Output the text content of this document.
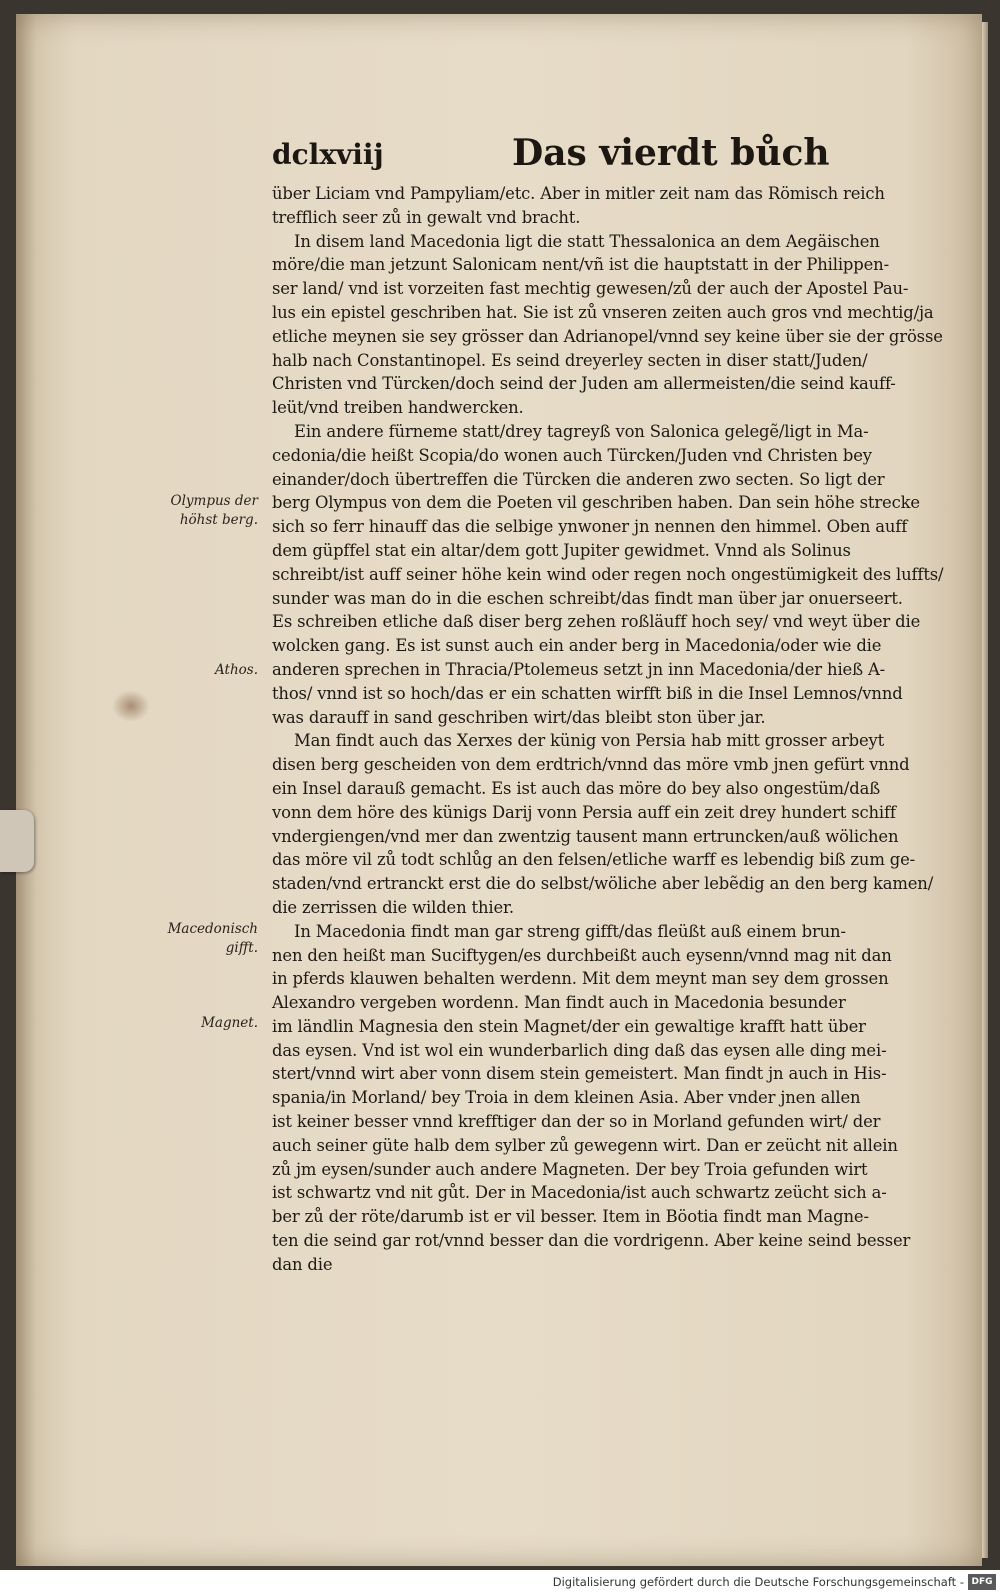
dclxviij	Das vierdt bůch
Olympus der
höhst berg.
Athos.
Macedonisch
gifft.
Magnet.
über Liciam vnd Pampyliam/etc. Aber in mitler zeit nam das Römisch reich
trefflich seer zů in gewalt vnd bracht.
In disem land Macedonia ligt die statt Thessalonica an dem Aegäischen
möre/die man jetzunt Salonicam nent/vñ ist die hauptstatt in der Philippen-
ser land/ vnd ist vorzeiten fast mechtig gewesen/zů der auch der Apostel Pau-
lus ein epistel geschriben hat. Sie ist zů vnseren zeiten auch gros vnd mechtig/ja
etliche meynen sie sey grösser dan Adrianopel/vnnd sey keine über sie der grösse
halb nach Constantinopel. Es seind dreyerley secten in diser statt/Juden/
Christen vnd Türcken/doch seind der Juden am allermeisten/die seind kauff-
leüt/vnd treiben handwercken.
Ein andere fürneme statt/drey tagreyß von Salonica gelegẽ/ligt in Ma-
cedonia/die heißt Scopia/do wonen auch Türcken/Juden vnd Christen bey
einander/doch übertreffen die Türcken die anderen zwo secten. So ligt der
berg Olympus von dem die Poeten vil geschriben haben. Dan sein höhe strecke
sich so ferr hinauff das die selbige ynwoner jn nennen den himmel. Oben auff
dem güpffel stat ein altar/dem gott Jupiter gewidmet. Vnnd als Solinus
schreibt/ist auff seiner höhe kein wind oder regen noch ongestümigkeit des luffts/
sunder was man do in die eschen schreibt/das findt man über jar onuerseert.
Es schreiben etliche daß diser berg zehen roßläuff hoch sey/ vnd weyt über die
wolcken gang. Es ist sunst auch ein ander berg in Macedonia/oder wie die
anderen sprechen in Thracia/Ptolemeus setzt jn inn Macedonia/der hieß A-
thos/ vnnd ist so hoch/das er ein schatten wirfft biß in die Insel Lemnos/vnnd
was darauff in sand geschriben wirt/das bleibt ston über jar.
Man findt auch das Xerxes der künig von Persia hab mitt grosser arbeyt
disen berg gescheiden von dem erdtrich/vnnd das möre vmb jnen gefürt vnnd
ein Insel darauß gemacht. Es ist auch das möre do bey also ongestüm/daß
vonn dem höre des künigs Darij vonn Persia auff ein zeit drey hundert schiff
vndergiengen/vnd mer dan zwentzig tausent mann ertruncken/auß wölichen
das möre vil zů todt schlůg an den felsen/etliche warff es lebendig biß zum ge-
staden/vnd ertranckt erst die do selbst/wöliche aber lebẽdig an den berg kamen/
die zerrissen die wilden thier.
In Macedonia findt man gar streng gifft/das fleüßt auß einem brun-
nen den heißt man Suciftygen/es durchbeißt auch eysenn/vnnd mag nit dan
in pferds klauwen behalten werdenn. Mit dem meynt man sey dem grossen
Alexandro vergeben wordenn. Man findt auch in Macedonia besunder
im ländlin Magnesia den stein Magnet/der ein gewaltige krafft hatt über
das eysen. Vnd ist wol ein wunderbarlich ding daß das eysen alle ding mei-
stert/vnnd wirt aber vonn disem stein gemeistert. Man findt jn auch in His-
spania/in Morland/ bey Troia in dem kleinen Asia. Aber vnder jnen allen
ist keiner besser vnnd krefftiger dan der so in Morland gefunden wirt/ der
auch seiner güte halb dem sylber zů gewegenn wirt. Dan er zeücht nit allein
zů jm eysen/sunder auch andere Magneten. Der bey Troia gefunden wirt
ist schwartz vnd nit gůt. Der in Macedonia/ist auch schwartz zeücht sich a-
ber zů der röte/darumb ist er vil besser. Item in Böotia findt man Magne-
ten die seind gar rot/vnnd besser dan die vordrigenn. Aber keine seind besser
dan die
Digitalisierung gefördert durch die Deutsche Forschungsgemeinschaft - DFG
